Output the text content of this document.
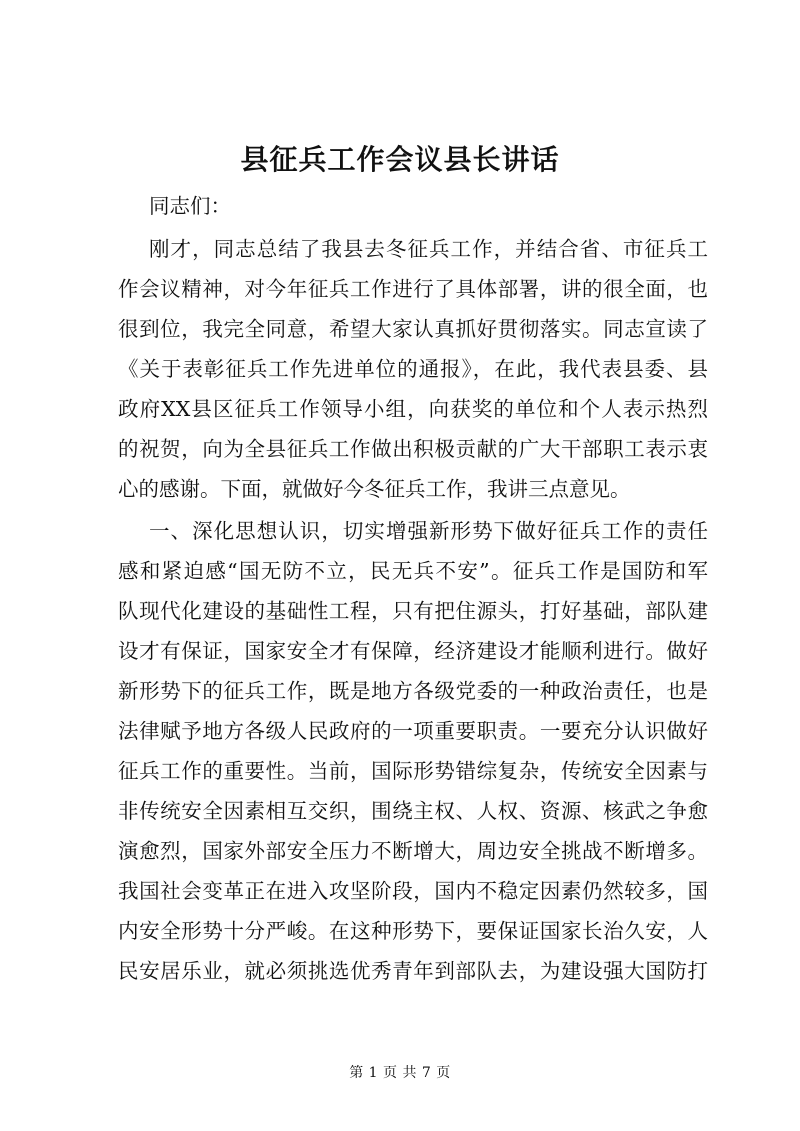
县征兵工作会议县长讲话
同志们：
刚才，同志总结了我县去冬征兵工作，并结合省、市征兵工
作会议精神，对今年征兵工作进行了具体部署，讲的很全面，也
很到位，我完全同意，希望大家认真抓好贯彻落实。同志宣读了
《关于表彰征兵工作先进单位的通报》，在此，我代表县委、县
政府XX县区征兵工作领导小组，向获奖的单位和个人表示热烈
的祝贺，向为全县征兵工作做出积极贡献的广大干部职工表示衷
心的感谢。下面，就做好今冬征兵工作，我讲三点意见。
一、深化思想认识，切实增强新形势下做好征兵工作的责任
感和紧迫感“国无防不立，民无兵不安”。征兵工作是国防和军
队现代化建设的基础性工程，只有把住源头，打好基础，部队建
设才有保证，国家安全才有保障，经济建设才能顺利进行。做好
新形势下的征兵工作，既是地方各级党委的一种政治责任，也是
法律赋予地方各级人民政府的一项重要职责。一要充分认识做好
征兵工作的重要性。当前，国际形势错综复杂，传统安全因素与
非传统安全因素相互交织，围绕主权、人权、资源、核武之争愈
演愈烈，国家外部安全压力不断增大，周边安全挑战不断增多。
我国社会变革正在进入攻坚阶段，国内不稳定因素仍然较多，国
内安全形势十分严峻。在这种形势下，要保证国家长治久安，人
民安居乐业，就必须挑选优秀青年到部队去，为建设强大国防打
第 1 页 共 7 页
